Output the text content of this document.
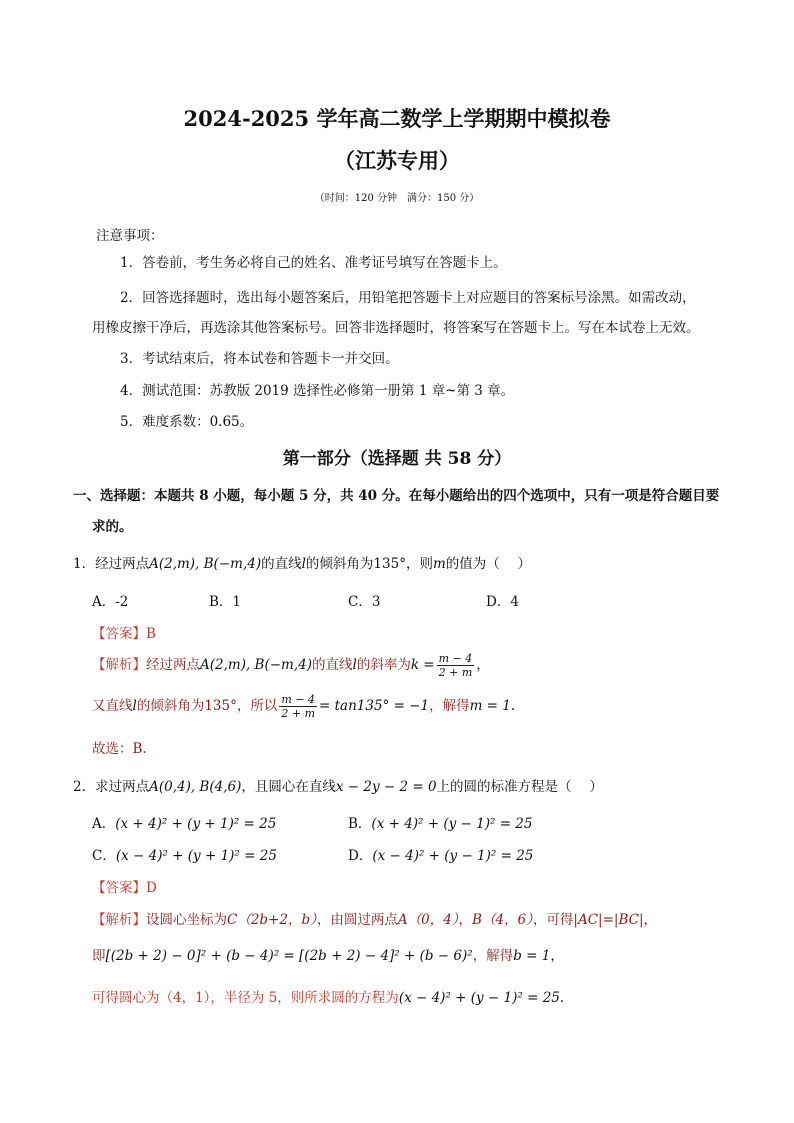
2024-2025 学年高二数学上学期期中模拟卷
（江苏专用）
（时间：120 分钟　满分：150 分）
注意事项：
1．答卷前，考生务必将自己的姓名、准考证号填写在答题卡上。
2．回答选择题时，选出每小题答案后，用铅笔把答题卡上对应题目的答案标号涂黑。如需改动，
用橡皮擦干净后，再选涂其他答案标号。回答非选择题时，将答案写在答题卡上。写在本试卷上无效。
3．考试结束后，将本试卷和答题卡一并交回。
4．测试范围：苏教版 2019 选择性必修第一册第 1 章~第 3 章。
5．难度系数：0.65。
第一部分（选择题 共 58 分）
一、选择题：本题共 8 小题，每小题 5 分，共 40 分。在每小题给出的四个选项中，只有一项是符合题目要
求的。
1．经过两点A(2,m), B(−m,4)的直线l的倾斜角为135°，则m的值为（　 ）
A．-2	B．1	C．3	D．4
【答案】B
【解析】经过两点A(2,m), B(−m,4)的直线l的斜率为$k = \frac{m - 4}{2 + m}$ ，
又直线l的倾斜角为135°，所以 $\frac{m - 4}{2 + m} = \tan 135^\circ = -1$，解得m = 1.
故选：B.
2．求过两点A(0,4), B(4,6)，且圆心在直线x − 2y − 2 = 0上的圆的标准方程是（　 ）
A．(x + 4)² + (y + 1)² = 25	B．(x + 4)² + (y − 1)² = 25
C．(x − 4)² + (y + 1)² = 25	D．(x − 4)² + (y − 1)² = 25
【答案】D
【解析】设圆心坐标为C（2b+2，b），由圆过两点A（0，4），B（4，6），可得|AC|=|BC|，
即[(2b + 2) − 0]² + (b − 4)² = [(2b + 2) − 4]² + (b − 6)²，解得b = 1，
可得圆心为（4，1），半径为 5，则所求圆的方程为(x − 4)² + (y − 1)² = 25.
